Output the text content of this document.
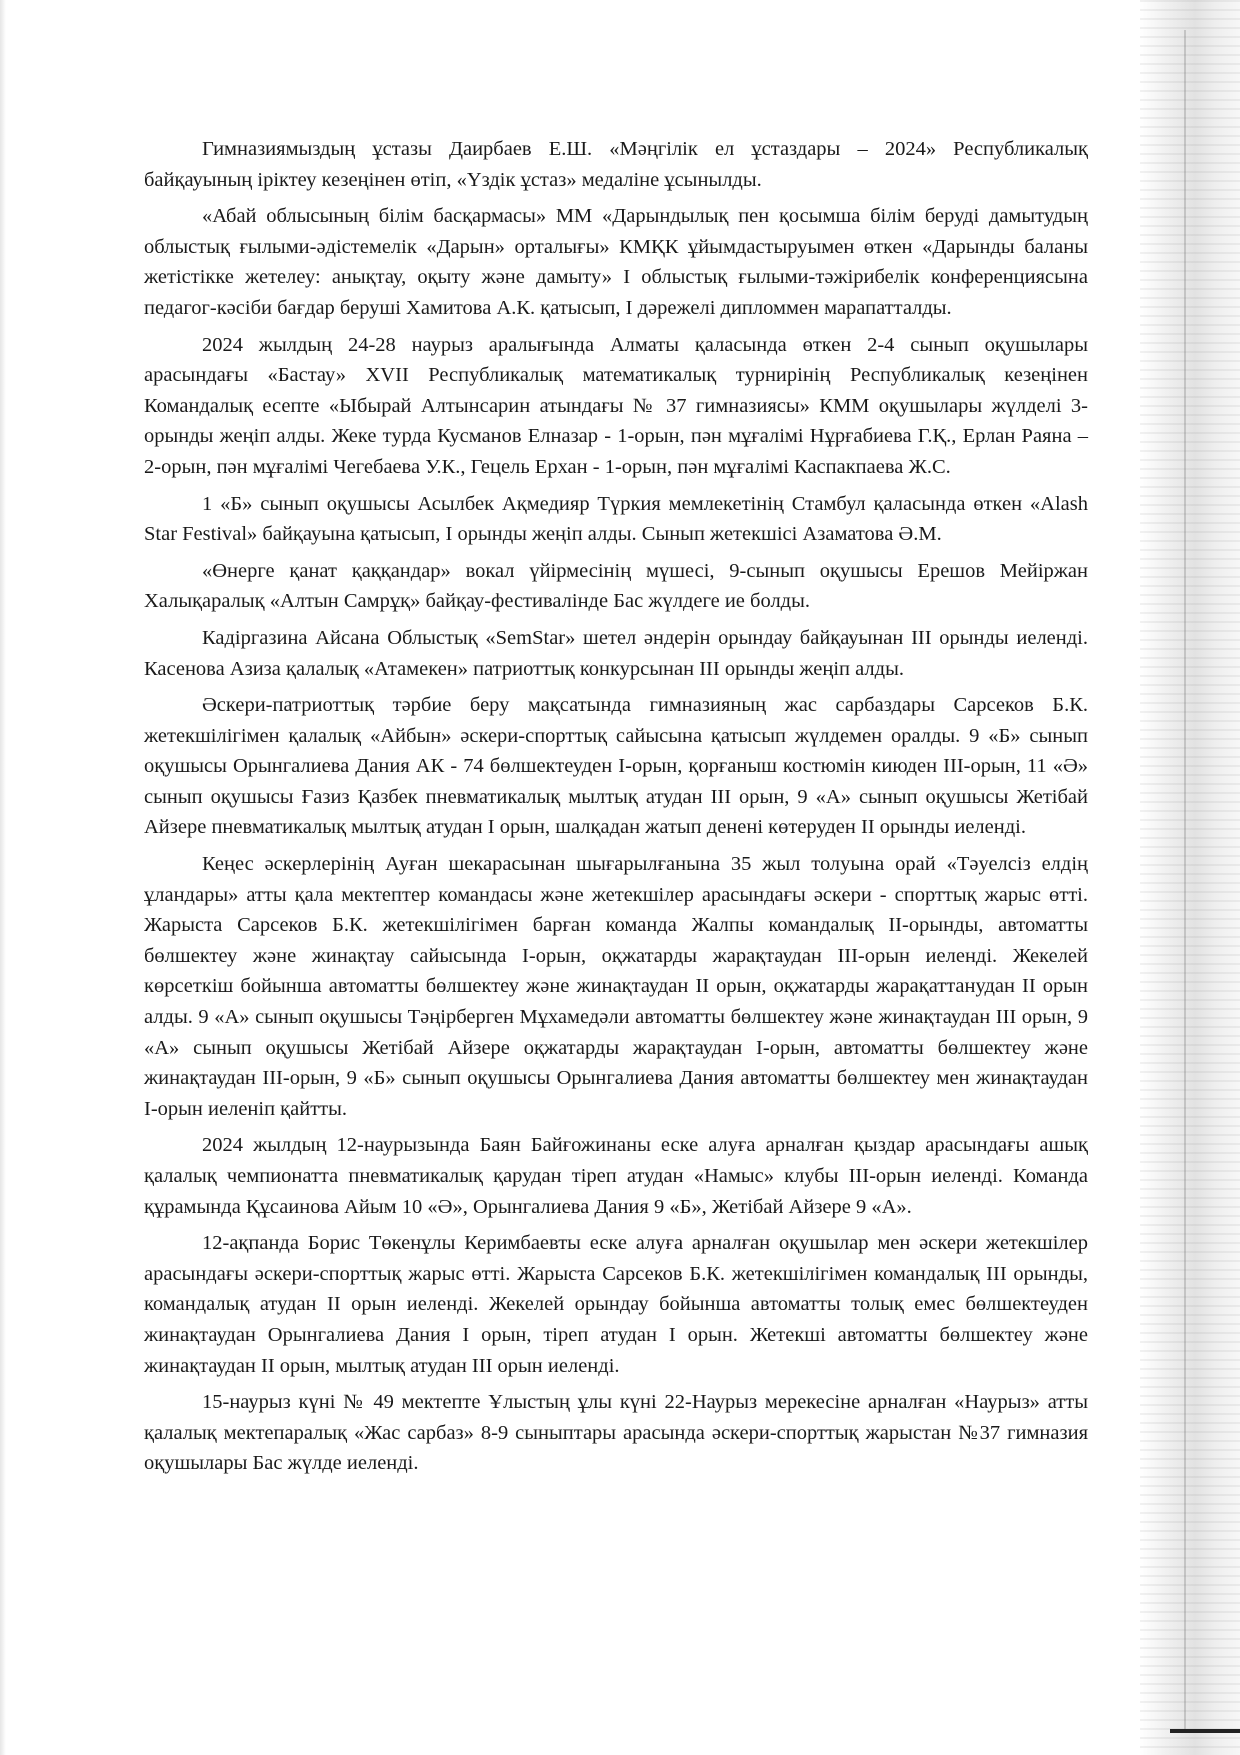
Гимназиямыздың ұстазы Даирбаев Е.Ш. «Мәңгілік ел ұстаздары – 2024» Республикалық байқауының іріктеу кезеңінен өтіп, «Үздік ұстаз» медаліне ұсынылды.

«Абай облысының білім басқармасы» ММ «Дарындылық пен қосымша білім беруді дамытудың облыстық ғылыми-әдістемелік «Дарын» орталығы» КМҚК ұйымдастыруымен өткен «Дарынды баланы жетістікке жетелеу: анықтау, оқыту және дамыту» І облыстық ғылыми-тәжірибелік конференциясына педагог-кәсіби бағдар беруші Хамитова А.К. қатысып, І дәрежелі дипломмен марапатталды.

2024 жылдың 24-28 наурыз аралығында Алматы қаласында өткен 2-4 сынып оқушылары арасындағы «Бастау» XVII Республикалық математикалық турнирінің Республикалық кезеңінен Командалық есепте «Ыбырай Алтынсарин атындағы № 37 гимназиясы» КММ оқушылары жүлделі 3-орынды жеңіп алды. Жеке турда Кусманов Елназар - 1-орын, пән мұғалімі Нұрғабиева Г.Қ., Ерлан Раяна – 2-орын, пән мұғалімі Чегебаева У.К., Гецель Ерхан - 1-орын, пән мұғалімі Каспакпаева Ж.С.

1 «Б» сынып оқушысы Асылбек Ақмедияр Түркия мемлекетінің Стамбул қаласында өткен «Alash Star Festival» байқауына қатысып, І орынды жеңіп алды. Сынып жетекшісі Азаматова Ә.М.

«Өнерге қанат қаққандар» вокал үйірмесінің мүшесі, 9-сынып оқушысы Ерешов Мейіржан Халықаралық «Алтын Самрұқ» байқау-фестивалінде Бас жүлдеге ие болды.

Кадіргазина Айсана Облыстық «SemStar» шетел әндерін орындау байқауынан ІІІ орынды иеленді. Касенова Азиза қалалық «Атамекен» патриоттық конкурсынан ІІІ орынды жеңіп алды.

Әскери-патриоттық тәрбие беру мақсатында гимназияның жас сарбаздары Сарсеков Б.К. жетекшілігімен қалалық «Айбын» әскери-спорттық сайысына қатысып жүлдемен оралды. 9 «Б» сынып оқушысы Орынгалиева Дания АК - 74 бөлшектеуден І-орын, қорғаныш костюмін киюден ІІІ-орын, 11 «Ә» сынып оқушысы Ғазиз Қазбек пневматикалық мылтық атудан ІІІ орын, 9 «А» сынып оқушысы Жетібай Айзере пневматикалық мылтық атудан І орын, шалқадан жатып денені көтеруден ІІ орынды иеленді.

Кеңес әскерлерінің Ауған шекарасынан шығарылғанына 35 жыл толуына орай «Тәуелсіз елдің ұландары» атты қала мектептер командасы және жетекшілер арасындағы әскери - спорттық жарыс өтті. Жарыста Сарсеков Б.К. жетекшілігімен барған команда Жалпы командалық ІІ-орынды, автоматты бөлшектеу және жинақтау сайысында І-орын, оқжатарды жарақтаудан ІІІ-орын иеленді. Жекелей көрсеткіш бойынша автоматты бөлшектеу және жинақтаудан ІІ орын, оқжатарды жарақаттанудан ІІ орын алды. 9 «А» сынып оқушысы Тәңірберген Мұхамедәли автоматты бөлшектеу және жинақтаудан ІІІ орын, 9 «А» сынып оқушысы Жетібай Айзере оқжатарды жарақтаудан І-орын, автоматты бөлшектеу және жинақтаудан ІІІ-орын, 9 «Б» сынып оқушысы Орынгалиева Дания автоматты бөлшектеу мен жинақтаудан І-орын иеленіп қайтты.

2024 жылдың 12-наурызында Баян Байғожинаны еске алуға арналған қыздар арасындағы ашық қалалық чемпионатта пневматикалық қарудан тіреп атудан «Намыс» клубы ІІІ-орын иеленді. Команда құрамында Құсаинова Айым 10 «Ә», Орынгалиева Дания 9 «Б», Жетібай Айзере 9 «А».

12-ақпанда Борис Төкенұлы Керимбаевты еске алуға арналған оқушылар мен әскери жетекшілер арасындағы әскери-спорттық жарыс өтті. Жарыста Сарсеков Б.К. жетекшілігімен командалық ІІІ орынды, командалық атудан ІІ орын иеленді. Жекелей орындау бойынша автоматты толық емес бөлшектеуден жинақтаудан Орынгалиева Дания І орын, тіреп атудан І орын. Жетекші автоматты бөлшектеу және жинақтаудан ІІ орын, мылтық атудан ІІІ орын иеленді.

15-наурыз күні № 49 мектепте Ұлыстың ұлы күні 22-Наурыз мерекесіне арналған «Наурыз» атты қалалық мектепаралық «Жас сарбаз» 8-9 сыныптары арасында әскери-спорттық жарыстан №37 гимназия оқушылары Бас жүлде иеленді.
